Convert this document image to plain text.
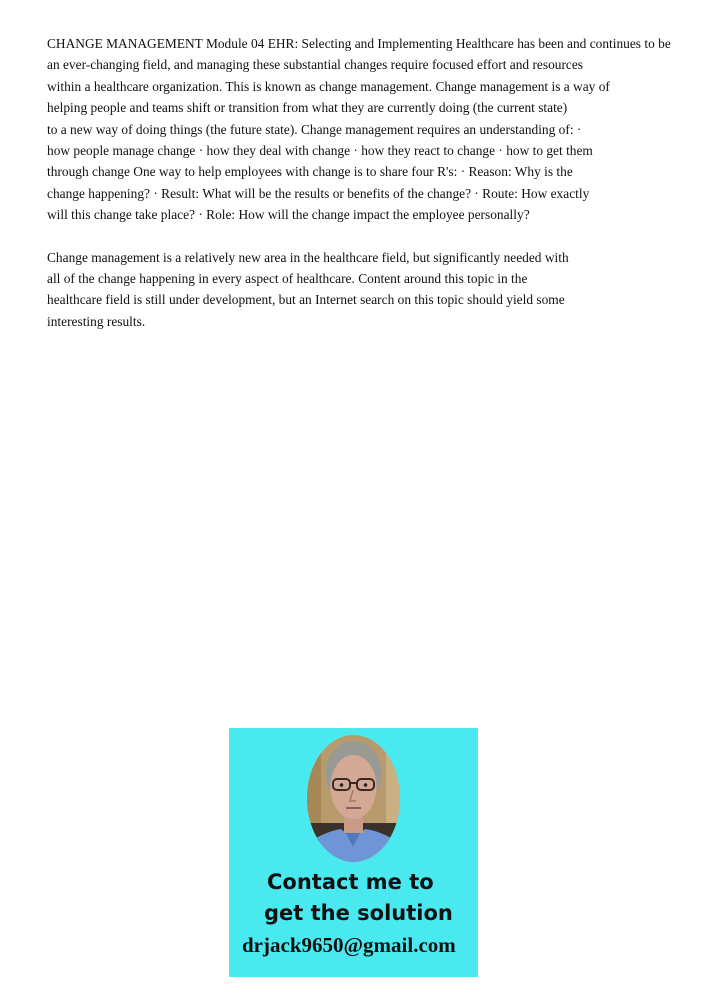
CHANGE MANAGEMENT Module 04 EHR: Selecting and Implementing Healthcare has been and continues to be
an ever-changing field, and managing these substantial changes require focused effort and resources
within a healthcare organization. This is known as change management. Change management is a way of
helping people and teams shift or transition from what they are currently doing (the current state)
to a new way of doing things (the future state). Change management requires an understanding of: ·
how people manage change · how they deal with change · how they react to change · how to get them
through change One way to help employees with change is to share four R's: · Reason: Why is the
change happening? · Result: What will be the results or benefits of the change? · Route: How exactly
will this change take place? · Role: How will the change impact the employee personally?
Change management is a relatively new area in the healthcare field, but significantly needed with
all of the change happening in every aspect of healthcare. Content around this topic in the
healthcare field is still under development, but an Internet search on this topic should yield some
interesting results.
Contact me to
get the solution
drjack9650@gmail.com
